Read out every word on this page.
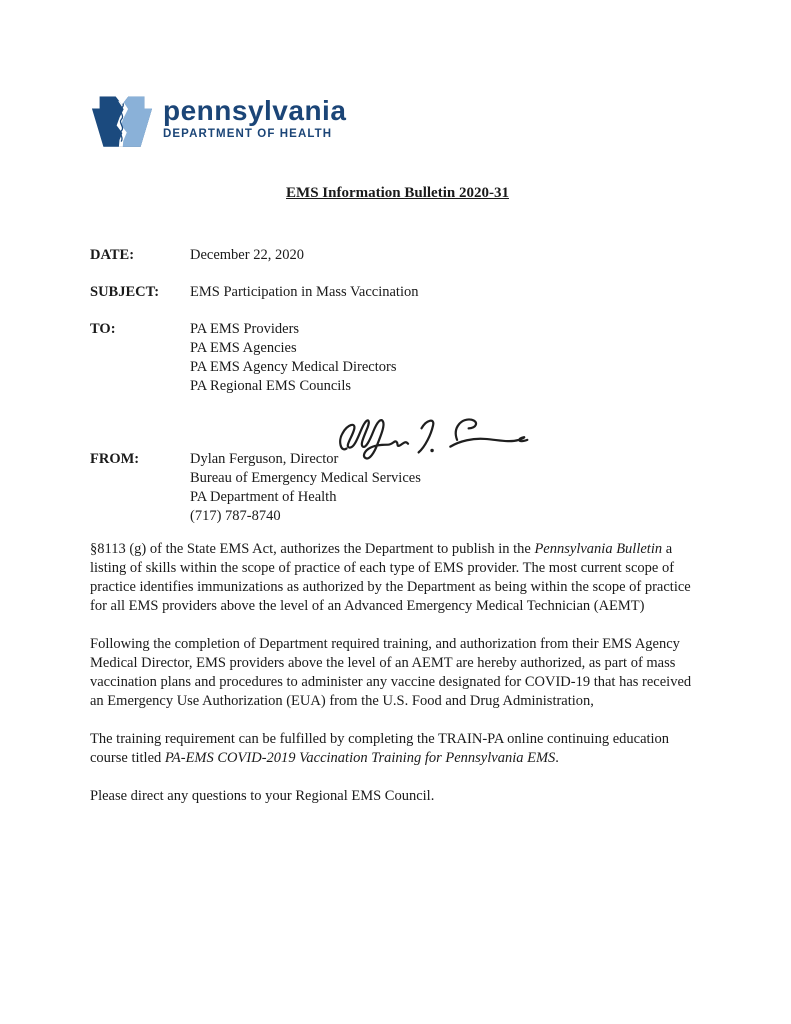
pennsylvania
DEPARTMENT OF HEALTH
EMS Information Bulletin 2020-31
DATE:	December 22, 2020
SUBJECT:	EMS Participation in Mass Vaccination
TO:	PA EMS Providers
PA EMS Agencies
PA EMS Agency Medical Directors
PA Regional EMS Councils
FROM:	Dylan Ferguson, Director
Bureau of Emergency Medical Services
PA Department of Health
(717) 787-8740

§8113 (g) of the State EMS Act, authorizes the Department to publish in the Pennsylvania Bulletin a listing of skills within the scope of practice of each type of EMS provider. The most current scope of practice identifies immunizations as authorized by the Department as being within the scope of practice for all EMS providers above the level of an Advanced Emergency Medical Technician (AEMT)

Following the completion of Department required training, and authorization from their EMS Agency Medical Director, EMS providers above the level of an AEMT are hereby authorized, as part of mass vaccination plans and procedures to administer any vaccine designated for COVID-19 that has received an Emergency Use Authorization (EUA) from the U.S. Food and Drug Administration,

The training requirement can be fulfilled by completing the TRAIN-PA online continuing education course titled PA-EMS COVID-2019 Vaccination Training for Pennsylvania EMS.

Please direct any questions to your Regional EMS Council.
